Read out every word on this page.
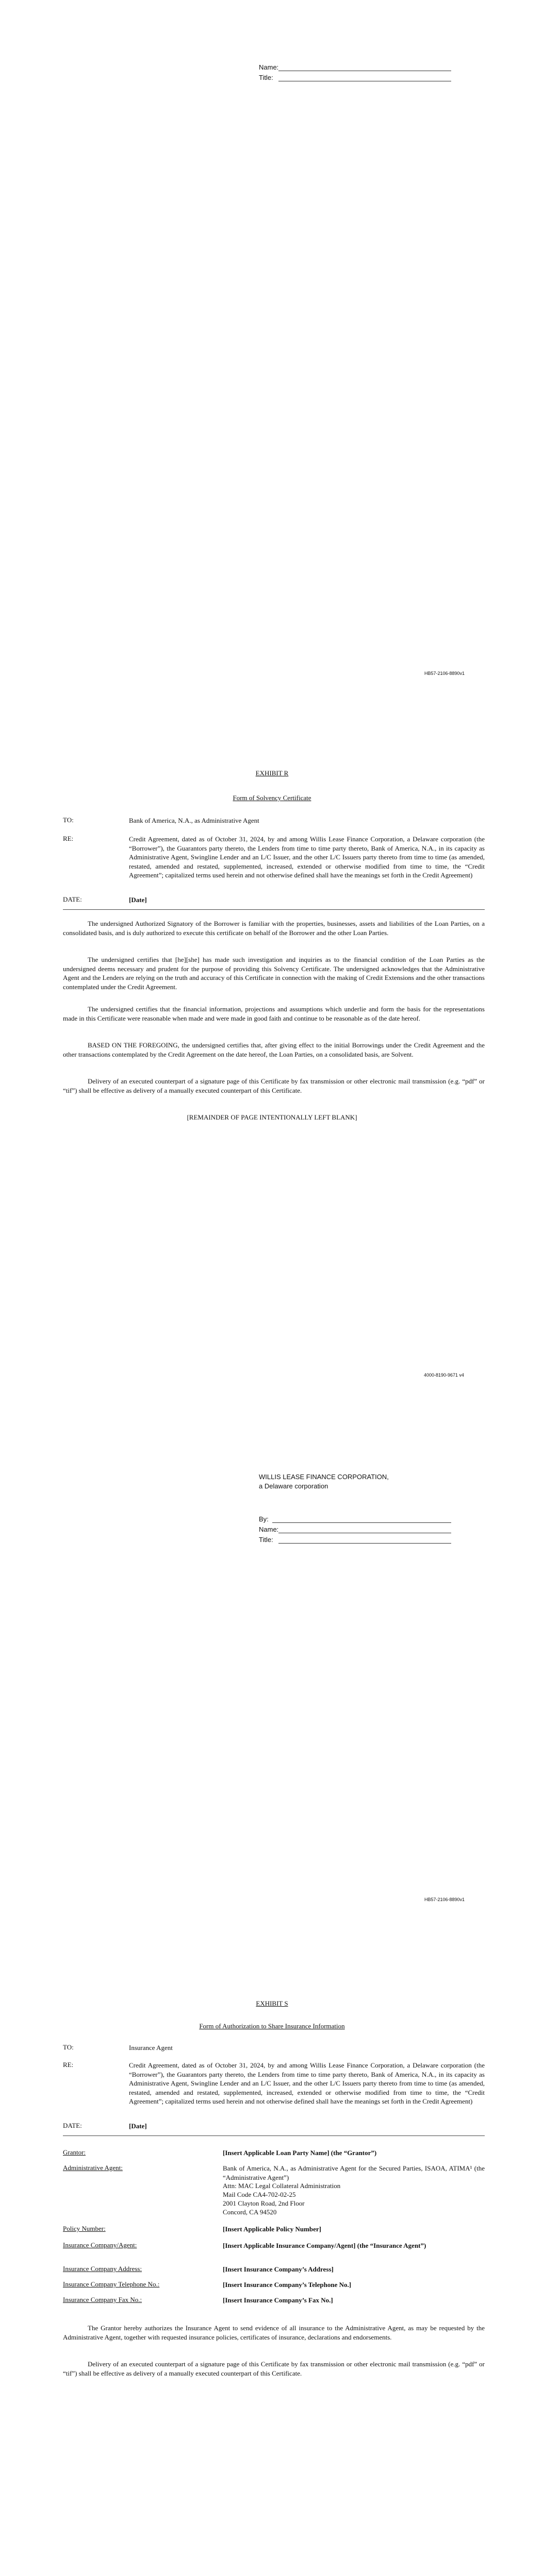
Name:
Title:
HB57-2106-8890v1
EXHIBIT R
Form of Solvency Certificate
TO:	Bank of America, N.A., as Administrative Agent
RE:	Credit Agreement, dated as of October 31, 2024, by and among Willis Lease Finance Corporation, a Delaware corporation (the “Borrower”), the Guarantors party thereto, the Lenders from time to time party thereto, Bank of America, N.A., in its capacity as Administrative Agent, Swingline Lender and an L/C Issuer, and the other L/C Issuers party thereto from time to time (as amended, restated, amended and restated, supplemented, increased, extended or otherwise modified from time to time, the “Credit Agreement”; capitalized terms used herein and not otherwise defined shall have the meanings set forth in the Credit Agreement)
DATE:	[Date]
The undersigned Authorized Signatory of the Borrower is familiar with the properties, businesses, assets and liabilities of the Loan Parties, on a consolidated basis, and is duly authorized to execute this certificate on behalf of the Borrower and the other Loan Parties.
The undersigned certifies that [he][she] has made such investigation and inquiries as to the financial condition of the Loan Parties as the undersigned deems necessary and prudent for the purpose of providing this Solvency Certificate. The undersigned acknowledges that the Administrative Agent and the Lenders are relying on the truth and accuracy of this Certificate in connection with the making of Credit Extensions and the other transactions contemplated under the Credit Agreement.
The undersigned certifies that the financial information, projections and assumptions which underlie and form the basis for the representations made in this Certificate were reasonable when made and were made in good faith and continue to be reasonable as of the date hereof.
BASED ON THE FOREGOING, the undersigned certifies that, after giving effect to the initial Borrowings under the Credit Agreement and the other transactions contemplated by the Credit Agreement on the date hereof, the Loan Parties, on a consolidated basis, are Solvent.
Delivery of an executed counterpart of a signature page of this Certificate by fax transmission or other electronic mail transmission (e.g. “pdf” or “tif”) shall be effective as delivery of a manually executed counterpart of this Certificate.
[REMAINDER OF PAGE INTENTIONALLY LEFT BLANK]
4000-8190-9671 v4
WILLIS LEASE FINANCE CORPORATION,
a Delaware corporation
By:
Name:
Title:
HB57-2106-8890v1
EXHIBIT S
Form of Authorization to Share Insurance Information
TO:	Insurance Agent
RE:	Credit Agreement, dated as of October 31, 2024, by and among Willis Lease Finance Corporation, a Delaware corporation (the “Borrower”), the Guarantors party thereto, the Lenders from time to time party thereto, Bank of America, N.A., in its capacity as Administrative Agent, Swingline Lender and an L/C Issuer, and the other L/C Issuers party thereto from time to time (as amended, restated, amended and restated, supplemented, increased, extended or otherwise modified from time to time, the “Credit Agreement”; capitalized terms used herein and not otherwise defined shall have the meanings set forth in the Credit Agreement)
DATE:	[Date]
Grantor:	[Insert Applicable Loan Party Name] (the “Grantor”)
Administrative Agent:	Bank of America, N.A., as Administrative Agent for the Secured Parties, ISAOA, ATIMA¹ (the “Administrative Agent”)
Attn: MAC Legal Collateral Administration
Mail Code CA4-702-02-25
2001 Clayton Road, 2nd Floor
Concord, CA 94520
Policy Number:	[Insert Applicable Policy Number]
Insurance Company/Agent:	[Insert Applicable Insurance Company/Agent] (the “Insurance Agent”)
Insurance Company Address:	[Insert Insurance Company’s Address]
Insurance Company Telephone No.:	[Insert Insurance Company’s Telephone No.]
Insurance Company Fax No.:	[Insert Insurance Company’s Fax No.]
The Grantor hereby authorizes the Insurance Agent to send evidence of all insurance to the Administrative Agent, as may be requested by the Administrative Agent, together with requested insurance policies, certificates of insurance, declarations and endorsements.
Delivery of an executed counterpart of a signature page of this Certificate by fax transmission or other electronic mail transmission (e.g. “pdf” or “tif”) shall be effective as delivery of a manually executed counterpart of this Certificate.
